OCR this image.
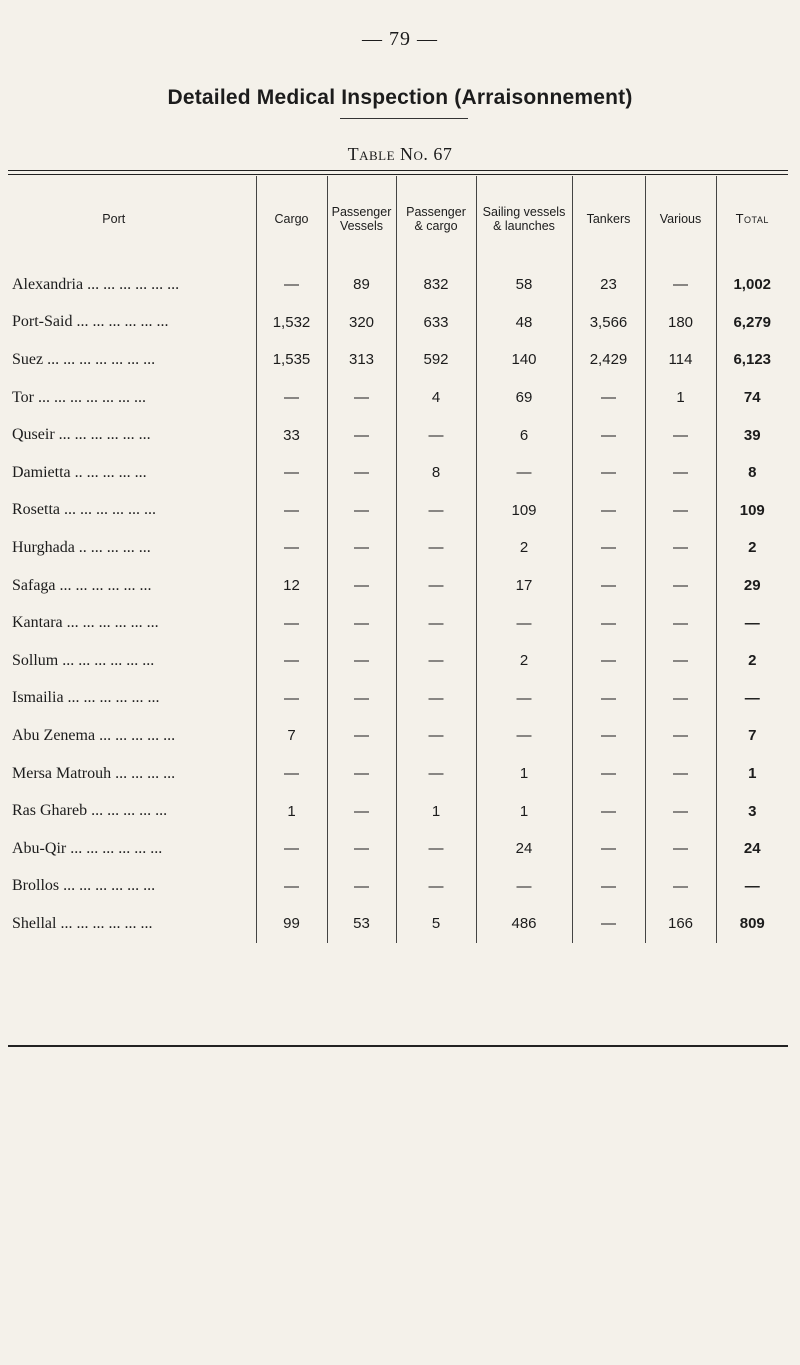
— 79 —
Detailed Medical Inspection (Arraisonnement)
Table No. 67
Port	Cargo	Passenger Vessels	Passenger & cargo	Sailing vessels & launches	Tankers	Various	Total
Alexandria ... ... ... ... ... ...	—	89	832	58	23	—	1,002
Port-Said ... ... ... ... ... ...	1,532	320	633	48	3,566	180	6,279
Suez ... ... ... ... ... ... ...	1,535	313	592	140	2,429	114	6,123
Tor ... ... ... ... ... ... ...	—	—	4	69	—	1	74
Quseir ... ... ... ... ... ...	33	—	—	6	—	—	39
Damietta .. ... ... ... ...	—	—	8	—	—	—	8
Rosetta ... ... ... ... ... ...	—	—	—	109	—	—	109
Hurghada .. ... ... ... ...	—	—	—	2	—	—	2
Safaga ... ... ... ... ... ...	12	—	—	17	—	—	29
Kantara ... ... ... ... ... ...	—	—	—	—	—	—	—
Sollum ... ... ... ... ... ...	—	—	—	2	—	—	2
Ismailia ... ... ... ... ... ...	—	—	—	—	—	—	—
Abu Zenema ... ... ... ... ...	7	—	—	—	—	—	7
Mersa Matrouh ... ... ... ...	—	—	—	1	—	—	1
Ras Ghareb ... ... ... ... ...	1	—	1	1	—	—	3
Abu-Qir ... ... ... ... ... ...	—	—	—	24	—	—	24
Brollos ... ... ... ... ... ...	—	—	—	—	—	—	—
Shellal ... ... ... ... ... ...	99	53	5	486	—	166	809
